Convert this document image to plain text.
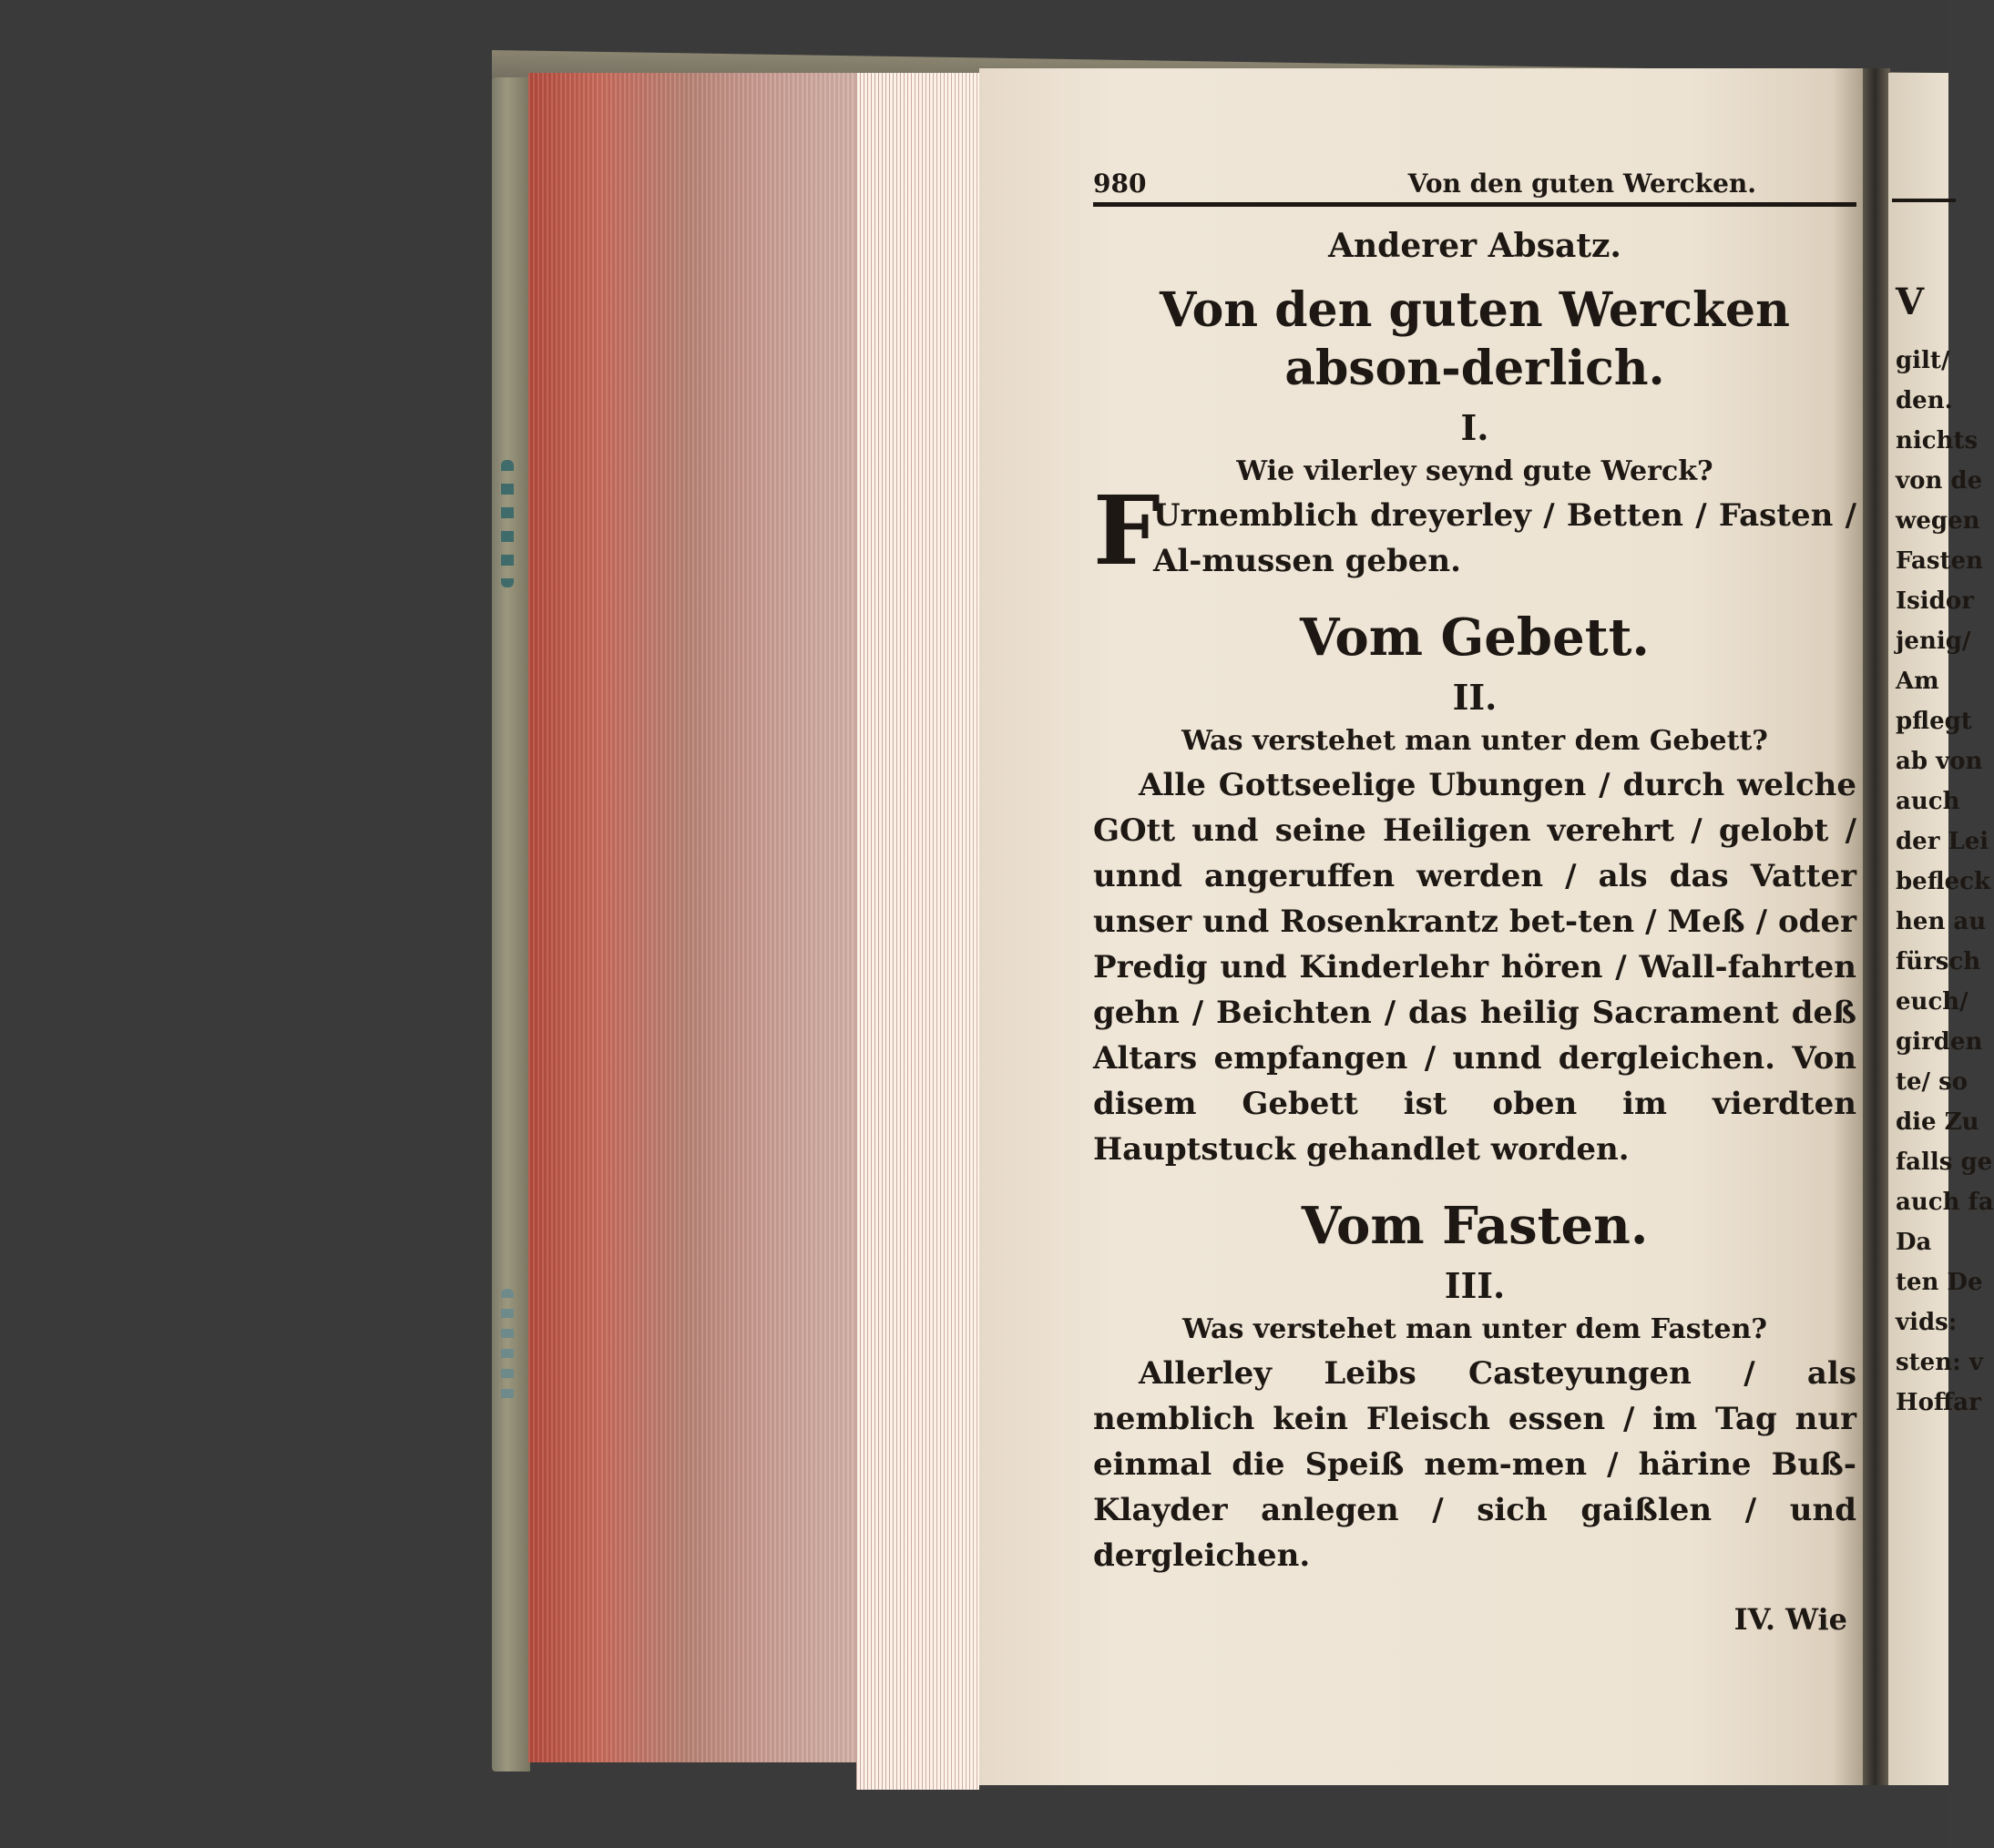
V
gilt/
den.
nichts
von de
wegen
Fasten
Isidor
jenig/
Am
pflegt
ab von
auch
der Lei
befleck
hen au
fürsch
euch/
girden
te/ so
die Zu
falls ge
auch fa
Da
ten De
vids:
sten: v
Hoffar
980	Von den guten Wercken.
Anderer Absatz.
Von den guten Wercken abson-derlich.
I.
Wie vilerley seynd gute Werck?
F
Urnemblich dreyerley / Betten / Fasten / Al-mussen geben.
Vom Gebett.
II.
Was verstehet man unter dem Gebett?
Alle Gottseelige Ubungen / durch welche GOtt und seine Heiligen verehrt / gelobt / unnd angeruffen werden / als das Vatter unser und Rosenkrantz bet-ten / Meß / oder Predig und Kinderlehr hören / Wall-fahrten gehn / Beichten / das heilig Sacrament deß Altars empfangen / unnd dergleichen. Von disem Gebett ist oben im vierdten Hauptstuck gehandlet worden.
Vom Fasten.
III.
Was verstehet man unter dem Fasten?
Allerley Leibs Casteyungen / als nemblich kein Fleisch essen / im Tag nur einmal die Speiß nem-men / härine Buß-Klayder anlegen / sich gaißlen / und dergleichen.
IV. Wie
